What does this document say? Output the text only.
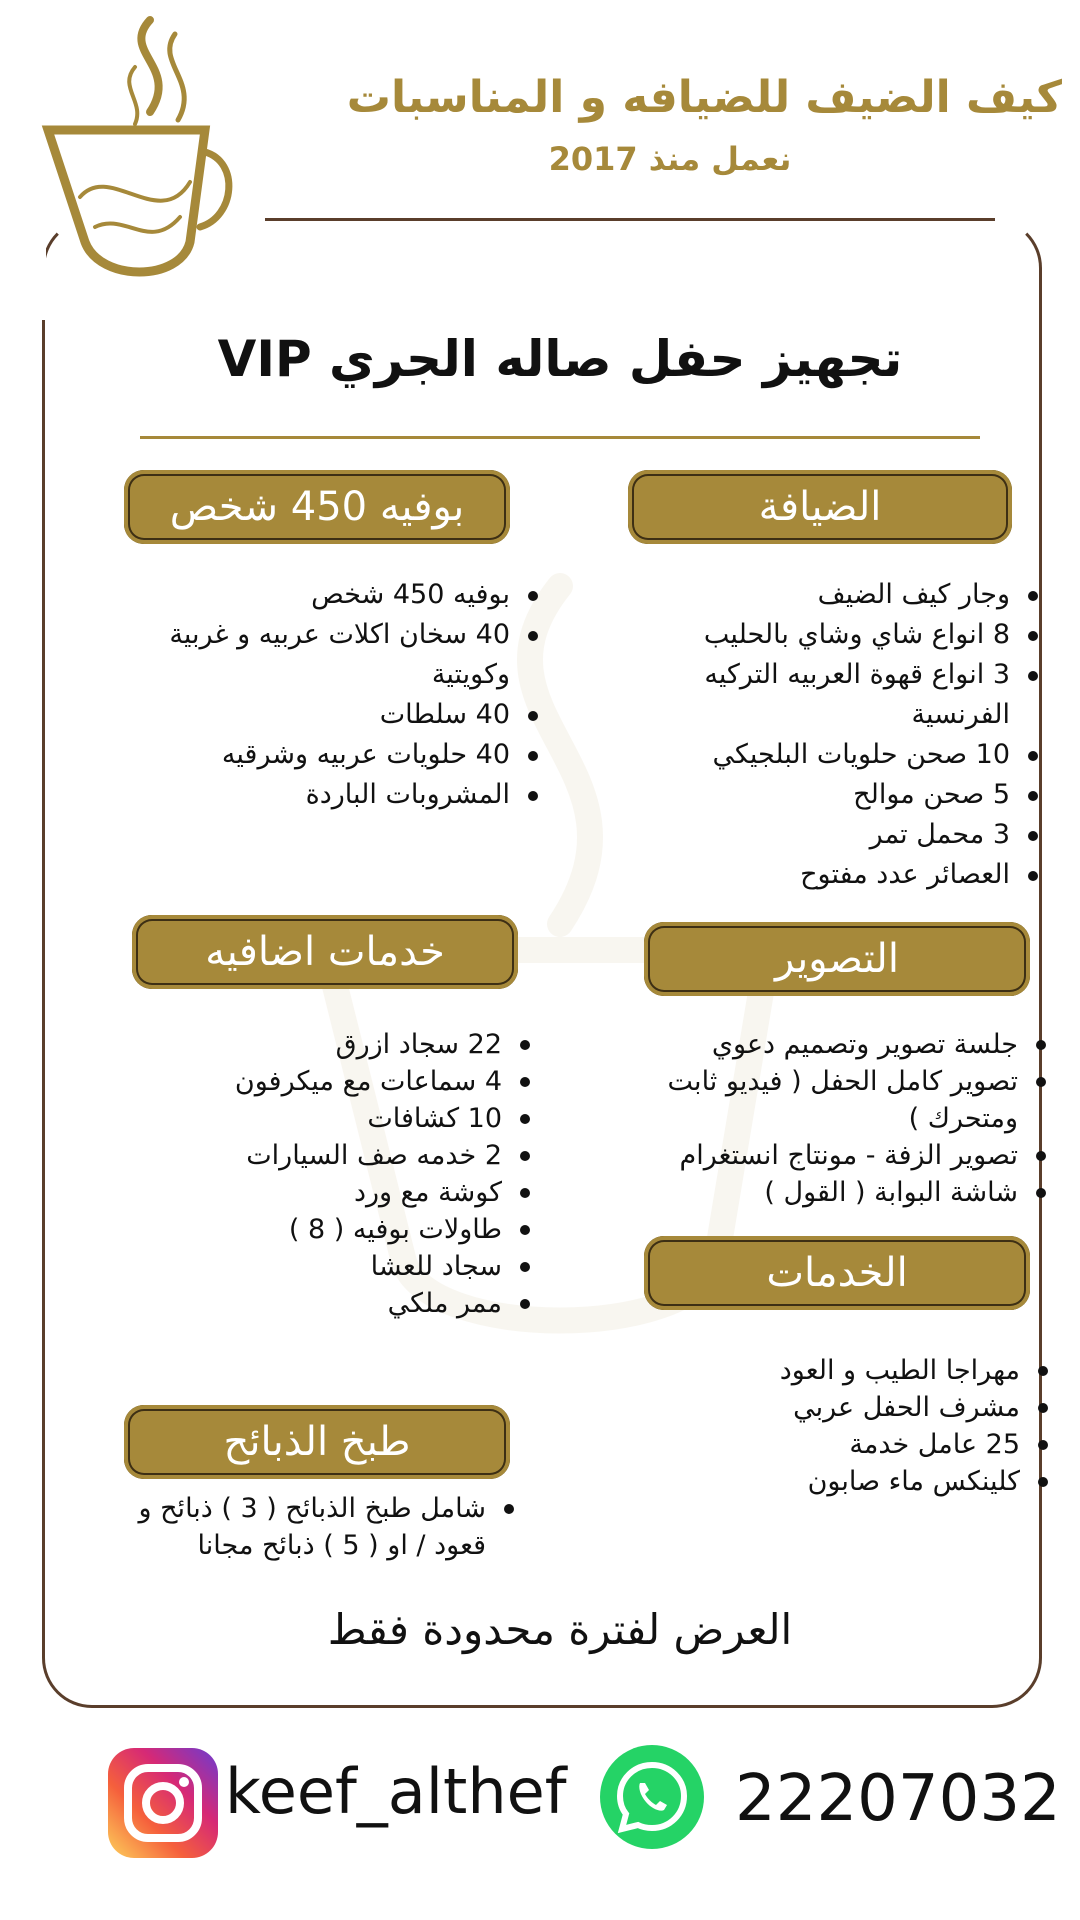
كيف الضيف للضيافه و المناسبات
نعمل منذ 2017
تجهيز حفل صاله الجري VIP
الضيافة
وجار كيف الضيف
8 انواع شاي وشاي بالحليب
3 انواع قهوة العربيه التركيه الفرنسية
10 صحن حلويات البلجيكي
5 صحن موالح
3 محمل تمر
العصائر عدد مفتوح
بوفيه 450 شخص
بوفيه 450 شخص
40 سخان اكلات عربيه و غربية وكويتية
40 سلطات
40 حلويات عربيه وشرقيه
المشروبات الباردة
خدمات اضافيه
22 سجاد ازرق
4 سماعات مع ميكرفون
10 كشافات
2 خدمه صف السيارات
كوشة مع ورد
طاولات بوفيه ( 8 )
سجاد للعشا
ممر ملكي
التصوير
جلسة تصوير وتصميم دعوي
تصوير كامل الحفل ( فيديو ثابت ومتحرك )
تصوير الزفة - مونتاج انستغرام
شاشة البوابة ( القول )
الخدمات
مهراجا الطيب و العود
مشرف الحفل عربي
25 عامل خدمة
كلينكس ماء صابون
طبخ الذبائح
شامل طبخ الذبائح ( 3 ) ذبائح و قعود / او ( 5 ) ذبائح مجانا
العرض لفترة محدودة فقط
keef_althef	22207032
